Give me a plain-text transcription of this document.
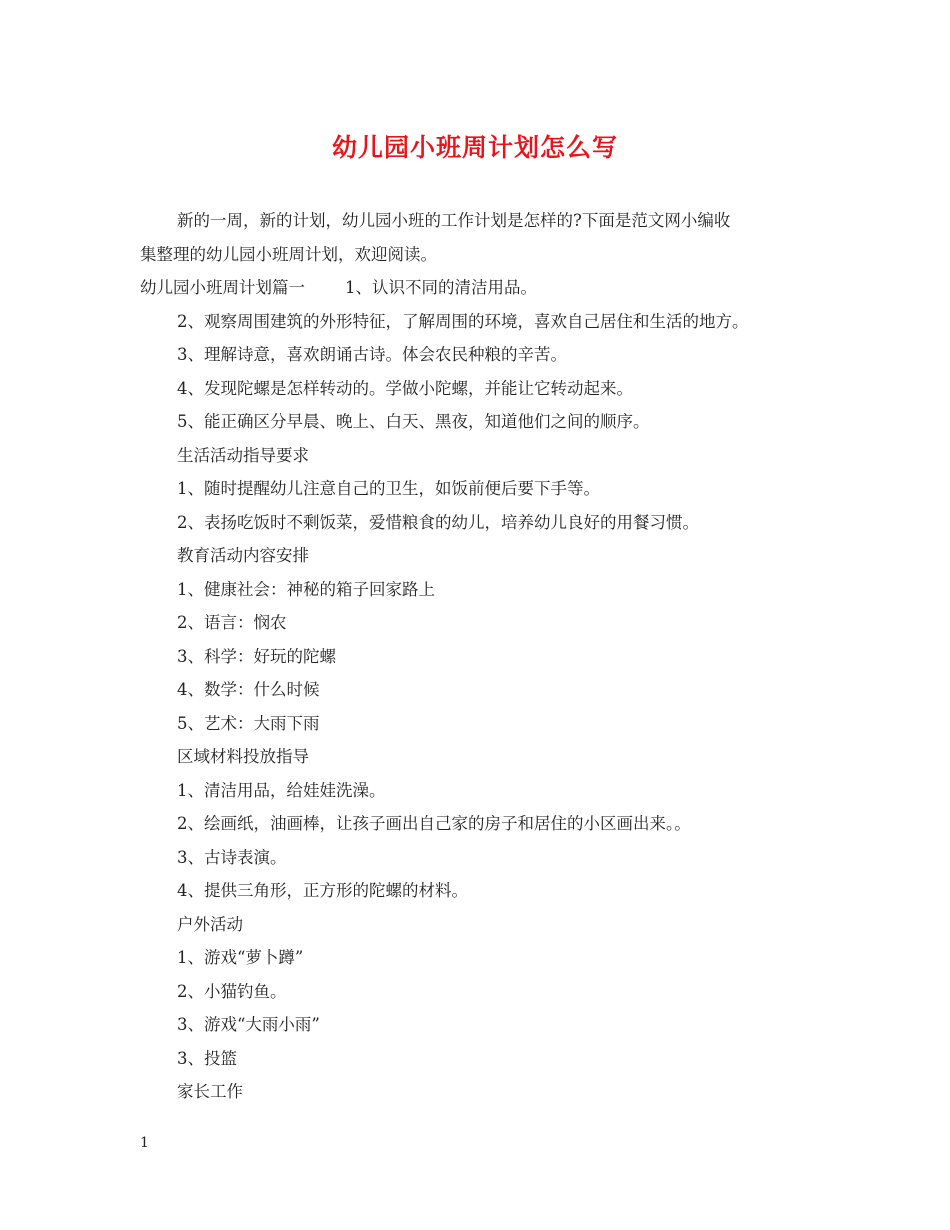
幼儿园小班周计划怎么写

新的一周，新的计划，幼儿园小班的工作计划是怎样的?下面是范文网小编收

集整理的幼儿园小班周计划，欢迎阅读。

幼儿园小班周计划篇一 1、认识不同的清洁用品。

2、观察周围建筑的外形特征，了解周围的环境，喜欢自己居住和生活的地方。

3、理解诗意，喜欢朗诵古诗。体会农民种粮的辛苦。

4、发现陀螺是怎样转动的。学做小陀螺，并能让它转动起来。

5、能正确区分早晨、晚上、白天、黑夜，知道他们之间的顺序。

生活活动指导要求

1、随时提醒幼儿注意自己的卫生，如饭前便后要下手等。

2、表扬吃饭时不剩饭菜，爱惜粮食的幼儿，培养幼儿良好的用餐习惯。

教育活动内容安排

1、健康社会：神秘的箱子回家路上

2、语言：悯农

3、科学：好玩的陀螺

4、数学：什么时候

5、艺术：大雨下雨

区域材料投放指导

1、清洁用品，给娃娃洗澡。

2、绘画纸，油画棒，让孩子画出自己家的房子和居住的小区画出来。。

3、古诗表演。

4、提供三角形，正方形的陀螺的材料。

户外活动

1、游戏“萝卜蹲”

2、小猫钓鱼。

3、游戏“大雨小雨”

3、投篮

家长工作

1
